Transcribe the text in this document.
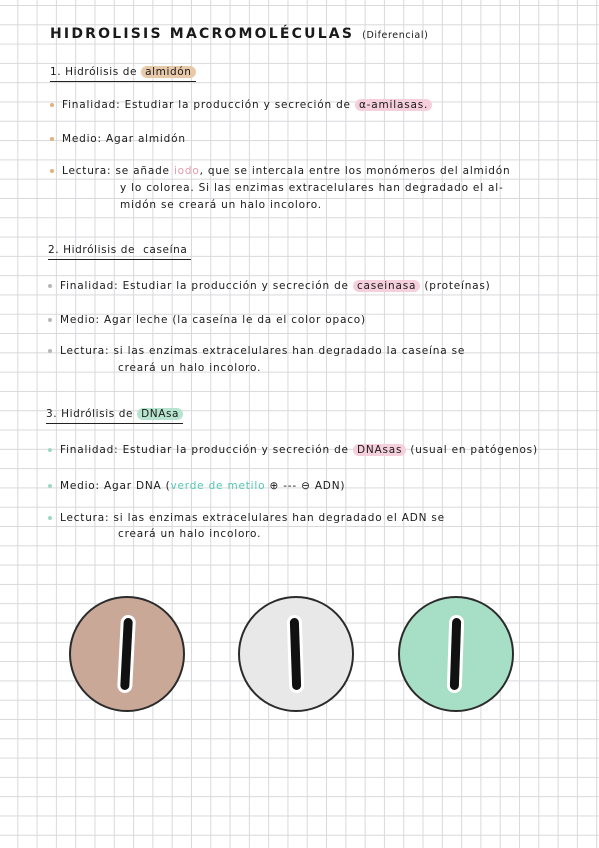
HIDROLISIS MACROMOLÉCULAS (Diferencial)
1. Hidrólisis de almidón
Finalidad: Estudiar la producción y secreción de α-amilasas.
Medio: Agar almidón
Lectura: se añade iodo, que se intercala entre los monómeros del almidón
y lo colorea. Si las enzimas extracelulares han degradado el al-
midón se creará un halo incoloro.
2. Hidrólisis de caseína
Finalidad: Estudiar la producción y secreción de caseinasa (proteínas)
Medio: Agar leche (la caseína le da el color opaco)
Lectura: si las enzimas extracelulares han degradado la caseína se
creará un halo incoloro.
3. Hidrólisis de DNAsa
Finalidad: Estudiar la producción y secreción de DNAsas (usual en patógenos)
Medio: Agar DNA (verde de metilo ⊕ --- ⊖ ADN)
Lectura: si las enzimas extracelulares han degradado el ADN se
creará un halo incoloro.
